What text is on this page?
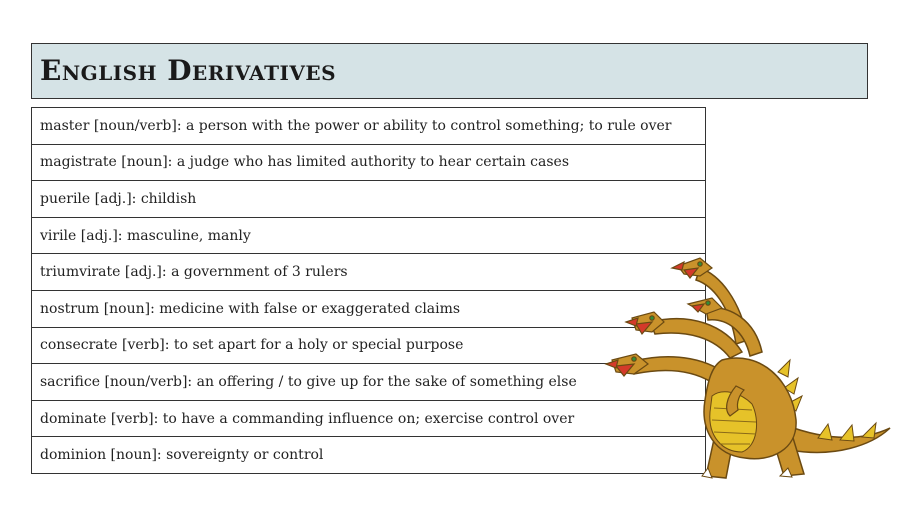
English Derivatives
master [noun/verb]: a person with the power or ability to control something; to rule over
magistrate [noun]: a judge who has limited authority to hear certain cases
puerile [adj.]: childish
virile [adj.]: masculine, manly
triumvirate [adj.]: a government of 3 rulers
nostrum [noun]: medicine with false or exaggerated claims
consecrate [verb]: to set apart for a holy or special purpose
sacrifice [noun/verb]: an offering / to give up for the sake of something else
dominate [verb]: to have a commanding influence on; exercise control over
dominion [noun]: sovereignty or control
